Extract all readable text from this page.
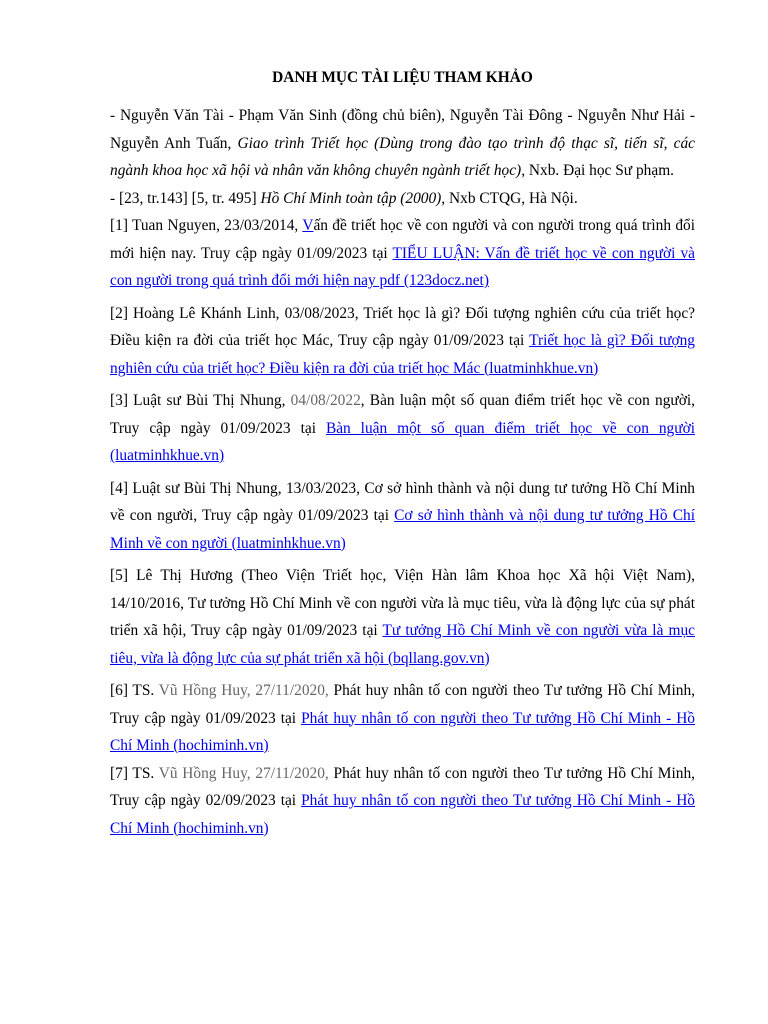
DANH MỤC TÀI LIỆU THAM KHẢO

- Nguyễn Văn Tài - Phạm Văn Sinh (đồng chủ biên), Nguyễn Tài Đông - Nguyễn Như Hải - Nguyễn Anh Tuấn, Giao trình Triết học (Dùng trong đào tạo trình độ thạc sĩ, tiến sĩ, các ngành khoa học xã hội và nhân văn không chuyên ngành triết học), Nxb. Đại học Sư phạm.

- [23, tr.143] [5, tr. 495] Hồ Chí Minh toàn tập (2000), Nxb CTQG, Hà Nội.

[1] Tuan Nguyen, 23/03/2014, Vấn đề triết học về con người và con người trong quá trình đổi mới hiện nay. Truy cập ngày 01/09/2023 tại TIỂU LUẬN: Vấn đề triết học về con người và con người trong quá trình đổi mới hiện nay pdf (123docz.net)

[2] Hoàng Lê Khánh Linh, 03/08/2023, Triết học là gì? Đối tượng nghiên cứu của triết học? Điều kiện ra đời của triết học Mác, Truy cập ngày 01/09/2023 tại Triết học là gì? Đối tượng nghiên cứu của triết học? Điều kiện ra đời của triết học Mác (luatminhkhue.vn)

[3] Luật sư Bùi Thị Nhung, 04/08/2022, Bàn luận một số quan điểm triết học về con người, Truy cập ngày 01/09/2023 tại Bàn luận một số quan điểm triết học về con người (luatminhkhue.vn)

[4] Luật sư Bùi Thị Nhung, 13/03/2023, Cơ sở hình thành và nội dung tư tưởng Hồ Chí Minh về con người, Truy cập ngày 01/09/2023 tại Cơ sở hình thành và nội dung tư tưởng Hồ Chí Minh về con người (luatminhkhue.vn)

[5] Lê Thị Hương (Theo Viện Triết học, Viện Hàn lâm Khoa học Xã hội Việt Nam), 14/10/2016, Tư tưởng Hồ Chí Minh về con người vừa là mục tiêu, vừa là động lực của sự phát triển xã hội, Truy cập ngày 01/09/2023 tại Tư tưởng Hồ Chí Minh về con người vừa là mục tiêu, vừa là động lực của sự phát triển xã hội (bqllang.gov.vn)

[6] TS. Vũ Hồng Huy, 27/11/2020, Phát huy nhân tố con người theo Tư tưởng Hồ Chí Minh, Truy cập ngày 01/09/2023 tại Phát huy nhân tố con người theo Tư tưởng Hồ Chí Minh - Hồ Chí Minh (hochiminh.vn)

[7] TS. Vũ Hồng Huy, 27/11/2020, Phát huy nhân tố con người theo Tư tưởng Hồ Chí Minh, Truy cập ngày 02/09/2023 tại Phát huy nhân tố con người theo Tư tưởng Hồ Chí Minh - Hồ Chí Minh (hochiminh.vn)
